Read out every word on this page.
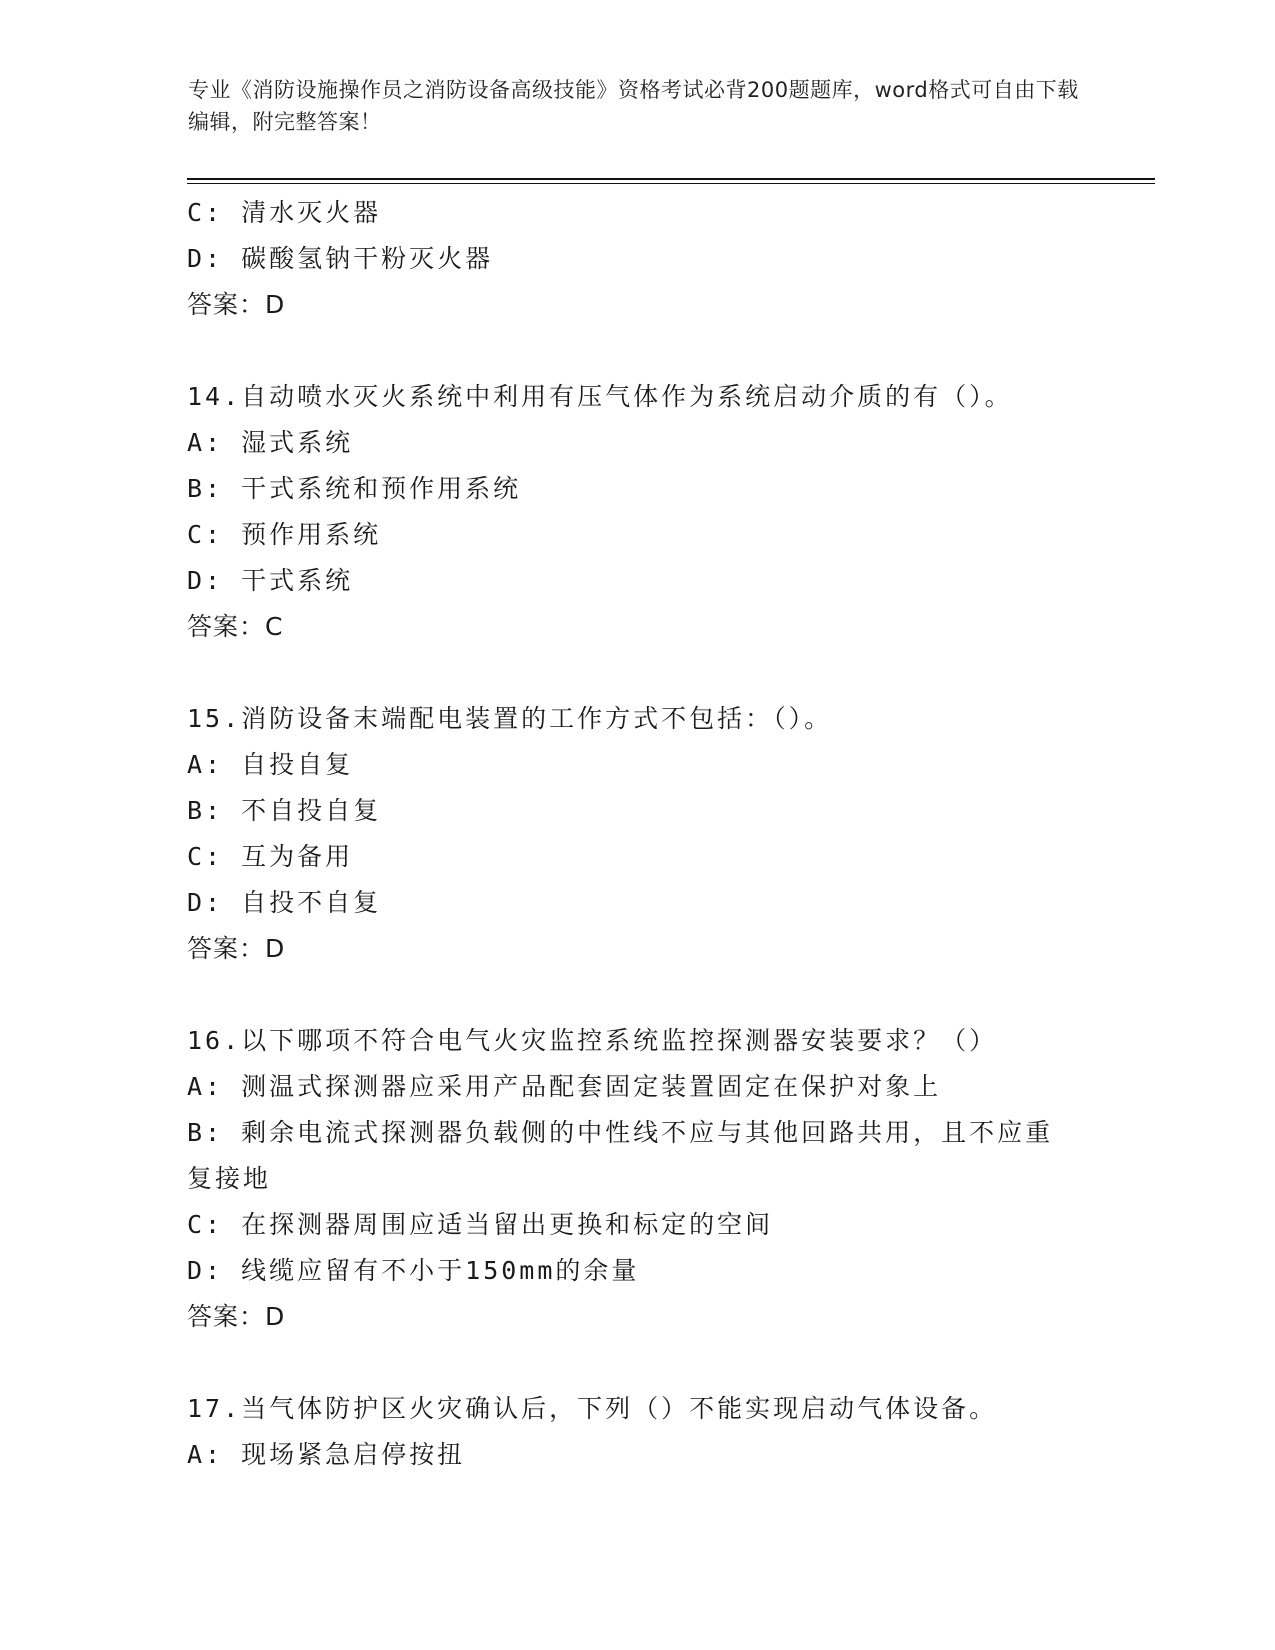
专业《消防设施操作员之消防设备高级技能》资格考试必背200题题库，word格式可自由下载编辑，附完整答案！

C: 清水灭火器

D: 碳酸氢钠干粉灭火器

答案：D

14.自动喷水灭火系统中利用有压气体作为系统启动介质的有（）。

A: 湿式系统

B: 干式系统和预作用系统

C: 预作用系统

D: 干式系统

答案：C

15.消防设备末端配电装置的工作方式不包括：（）。

A: 自投自复

B: 不自投自复

C: 互为备用

D: 自投不自复

答案：D

16.以下哪项不符合电气火灾监控系统监控探测器安装要求？（）

A: 测温式探测器应采用产品配套固定装置固定在保护对象上

B: 剩余电流式探测器负载侧的中性线不应与其他回路共用，且不应重

复接地

C: 在探测器周围应适当留出更换和标定的空间

D: 线缆应留有不小于150mm的余量

答案：D

17.当气体防护区火灾确认后，下列（）不能实现启动气体设备。

A: 现场紧急启停按扭
